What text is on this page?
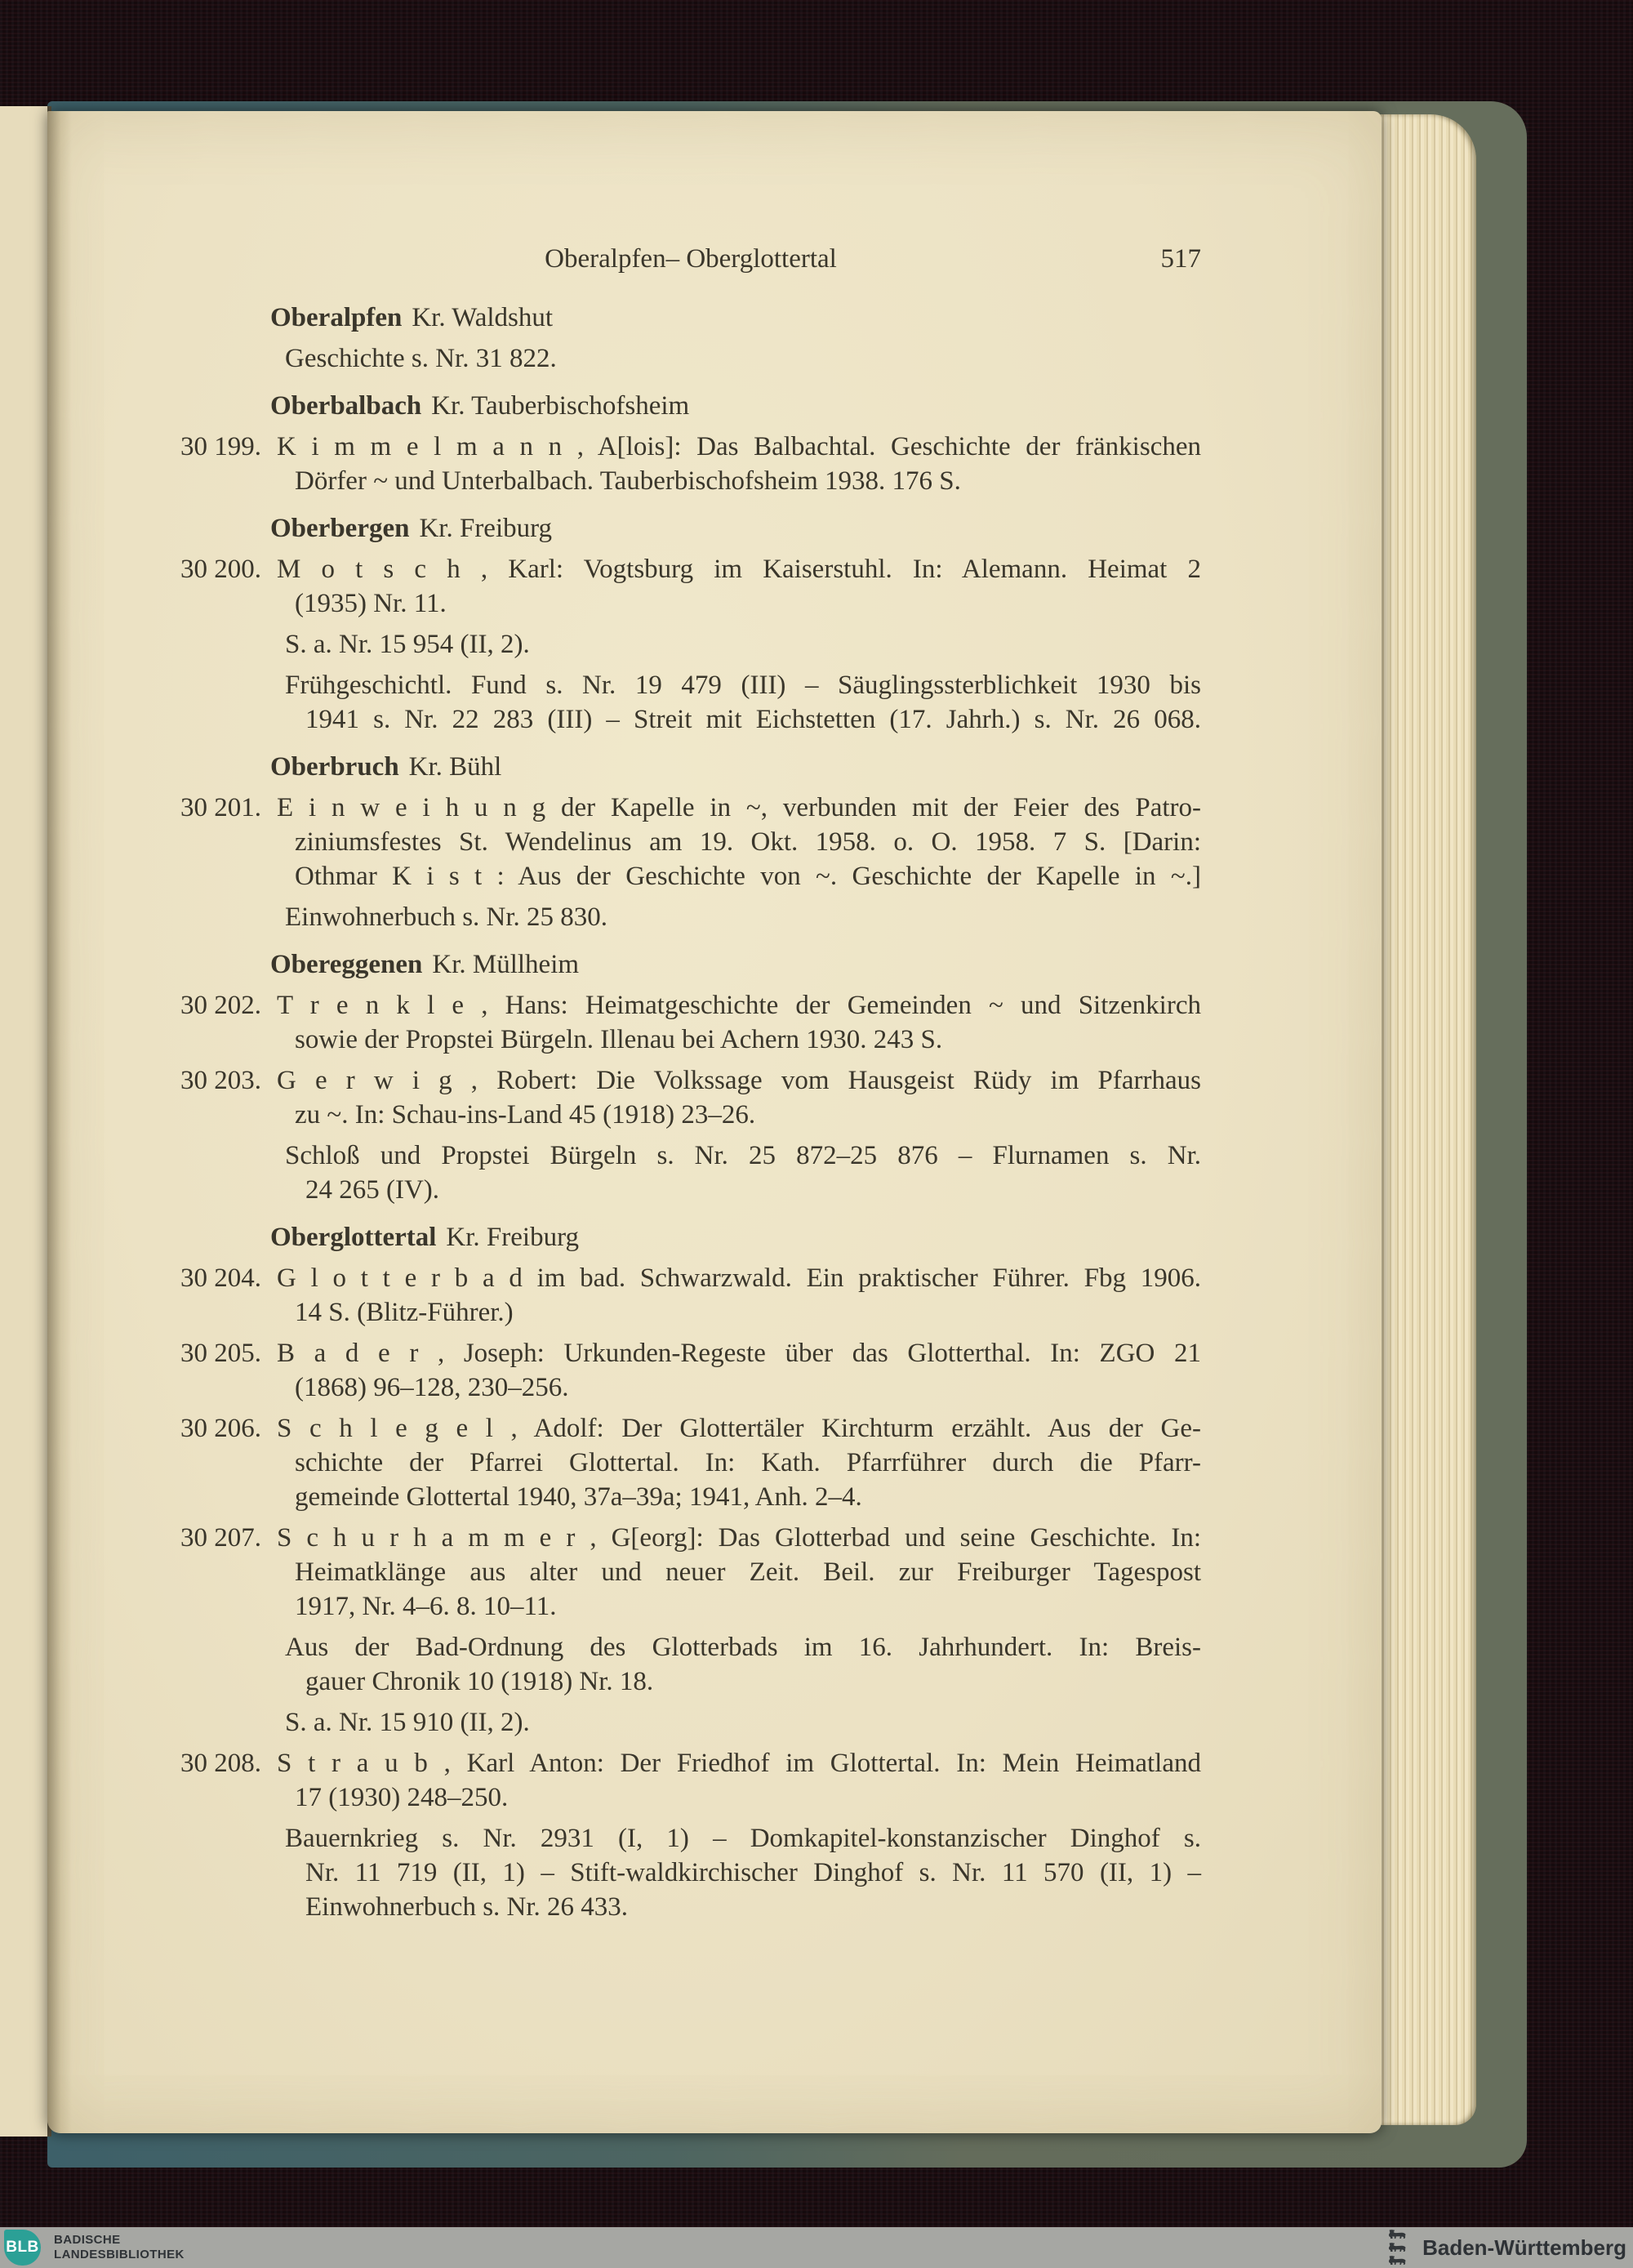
Oberalpfen– Oberglottertal	517
Oberalpfen Kr. Waldshut
Geschichte s. Nr. 31 822.
Oberbalbach Kr. Tauberbischofsheim
30 199. K i m m e l m a n n , A[lois]: Das Balbachtal. Geschichte der fränkischen
Dörfer ~ und Unterbalbach. Tauberbischofsheim 1938. 176 S.
Oberbergen Kr. Freiburg
30 200. M o t s c h , Karl: Vogtsburg im Kaiserstuhl. In: Alemann. Heimat 2
(1935) Nr. 11.
S. a. Nr. 15 954 (II, 2).
Frühgeschichtl. Fund s. Nr. 19 479 (III) – Säuglingssterblichkeit 1930 bis
1941 s. Nr. 22 283 (III) – Streit mit Eichstetten (17. Jahrh.) s. Nr. 26 068.
Oberbruch Kr. Bühl
30 201. E i n w e i h u n g der Kapelle in ~, verbunden mit der Feier des Patro-
ziniumsfestes St. Wendelinus am 19. Okt. 1958. o. O. 1958. 7 S. [Darin:
Othmar K i s t : Aus der Geschichte von ~. Geschichte der Kapelle in ~.]
Einwohnerbuch s. Nr. 25 830.
Obereggenen Kr. Müllheim
30 202. T r e n k l e , Hans: Heimatgeschichte der Gemeinden ~ und Sitzenkirch
sowie der Propstei Bürgeln. Illenau bei Achern 1930. 243 S.
30 203. G e r w i g , Robert: Die Volkssage vom Hausgeist Rüdy im Pfarrhaus
zu ~. In: Schau-ins-Land 45 (1918) 23–26.
Schloß und Propstei Bürgeln s. Nr. 25 872–25 876 – Flurnamen s. Nr.
24 265 (IV).
Oberglottertal Kr. Freiburg
30 204. G l o t t e r b a d im bad. Schwarzwald. Ein praktischer Führer. Fbg 1906.
14 S. (Blitz-Führer.)
30 205. B a d e r , Joseph: Urkunden-Regeste über das Glotterthal. In: ZGO 21
(1868) 96–128, 230–256.
30 206. S c h l e g e l , Adolf: Der Glottertäler Kirchturm erzählt. Aus der Ge-
schichte der Pfarrei Glottertal. In: Kath. Pfarrführer durch die Pfarr-
gemeinde Glottertal 1940, 37a–39a; 1941, Anh. 2–4.
30 207. S c h u r h a m m e r , G[eorg]: Das Glotterbad und seine Geschichte. In:
Heimatklänge aus alter und neuer Zeit. Beil. zur Freiburger Tagespost
1917, Nr. 4–6. 8. 10–11.
Aus der Bad-Ordnung des Glotterbads im 16. Jahrhundert. In: Breis-
gauer Chronik 10 (1918) Nr. 18.
S. a. Nr. 15 910 (II, 2).
30 208. S t r a u b , Karl Anton: Der Friedhof im Glottertal. In: Mein Heimatland
17 (1930) 248–250.
Bauernkrieg s. Nr. 2931 (I, 1) – Domkapitel-konstanzischer Dinghof s.
Nr. 11 719 (II, 1) – Stift-waldkirchischer Dinghof s. Nr. 11 570 (II, 1) –
Einwohnerbuch s. Nr. 26 433.
BLB BADISCHE
LANDESBIBLIOTHEK	Baden-Württemberg
